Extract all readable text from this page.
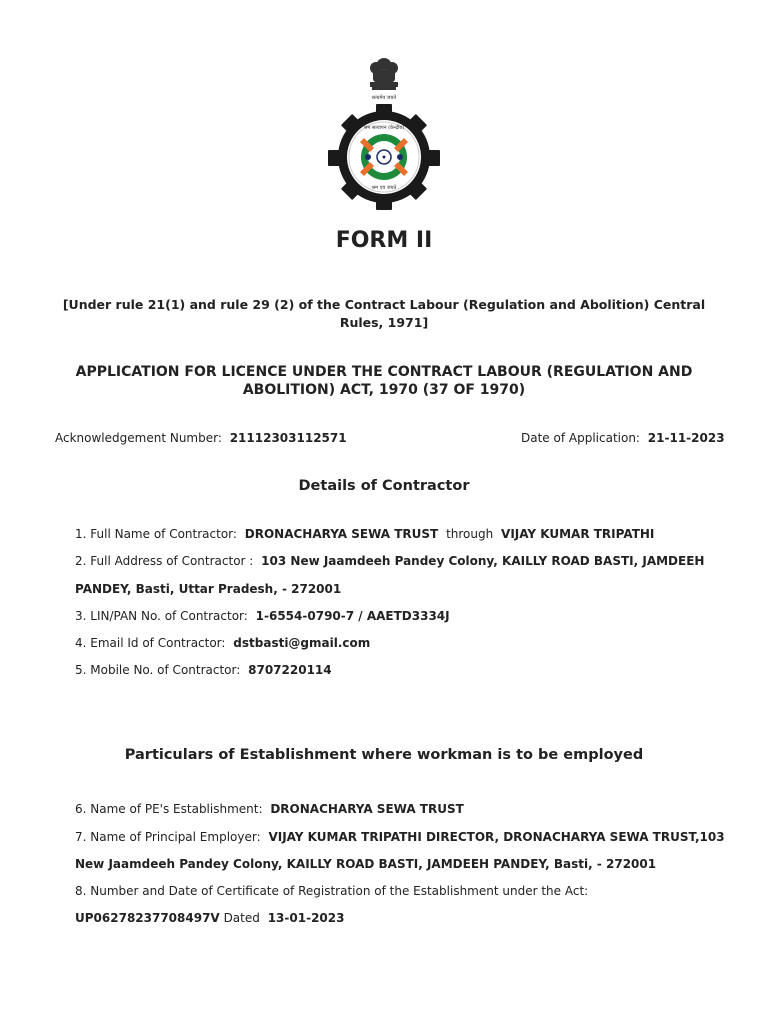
सत्यमेव जयते
श्रम सत्यापन (केन्द्रीय)
श्रम एव जयते
FORM II
[Under rule 21(1) and rule 29 (2) of the Contract Labour (Regulation and Abolition) Central Rules, 1971]
APPLICATION FOR LICENCE UNDER THE CONTRACT LABOUR (REGULATION AND ABOLITION) ACT, 1970 (37 OF 1970)
Acknowledgement Number: 21112303112571	Date of Application: 21-11-2023
Details of Contractor
1. Full Name of Contractor: DRONACHARYA SEWA TRUST through VIJAY KUMAR TRIPATHI
2. Full Address of Contractor : 103 New Jaamdeeh Pandey Colony, KAILLY ROAD BASTI, JAMDEEH
PANDEY, Basti, Uttar Pradesh, - 272001
3. LIN/PAN No. of Contractor: 1-6554-0790-7 / AAETD3334J
4. Email Id of Contractor: dstbasti@gmail.com
5. Mobile No. of Contractor: 8707220114
Particulars of Establishment where workman is to be employed
6. Name of PE's Establishment: DRONACHARYA SEWA TRUST
7. Name of Principal Employer: VIJAY KUMAR TRIPATHI DIRECTOR, DRONACHARYA SEWA TRUST,103
New Jaamdeeh Pandey Colony, KAILLY ROAD BASTI, JAMDEEH PANDEY, Basti, - 272001
8. Number and Date of Certificate of Registration of the Establishment under the Act:
UP06278237708497V Dated 13-01-2023
